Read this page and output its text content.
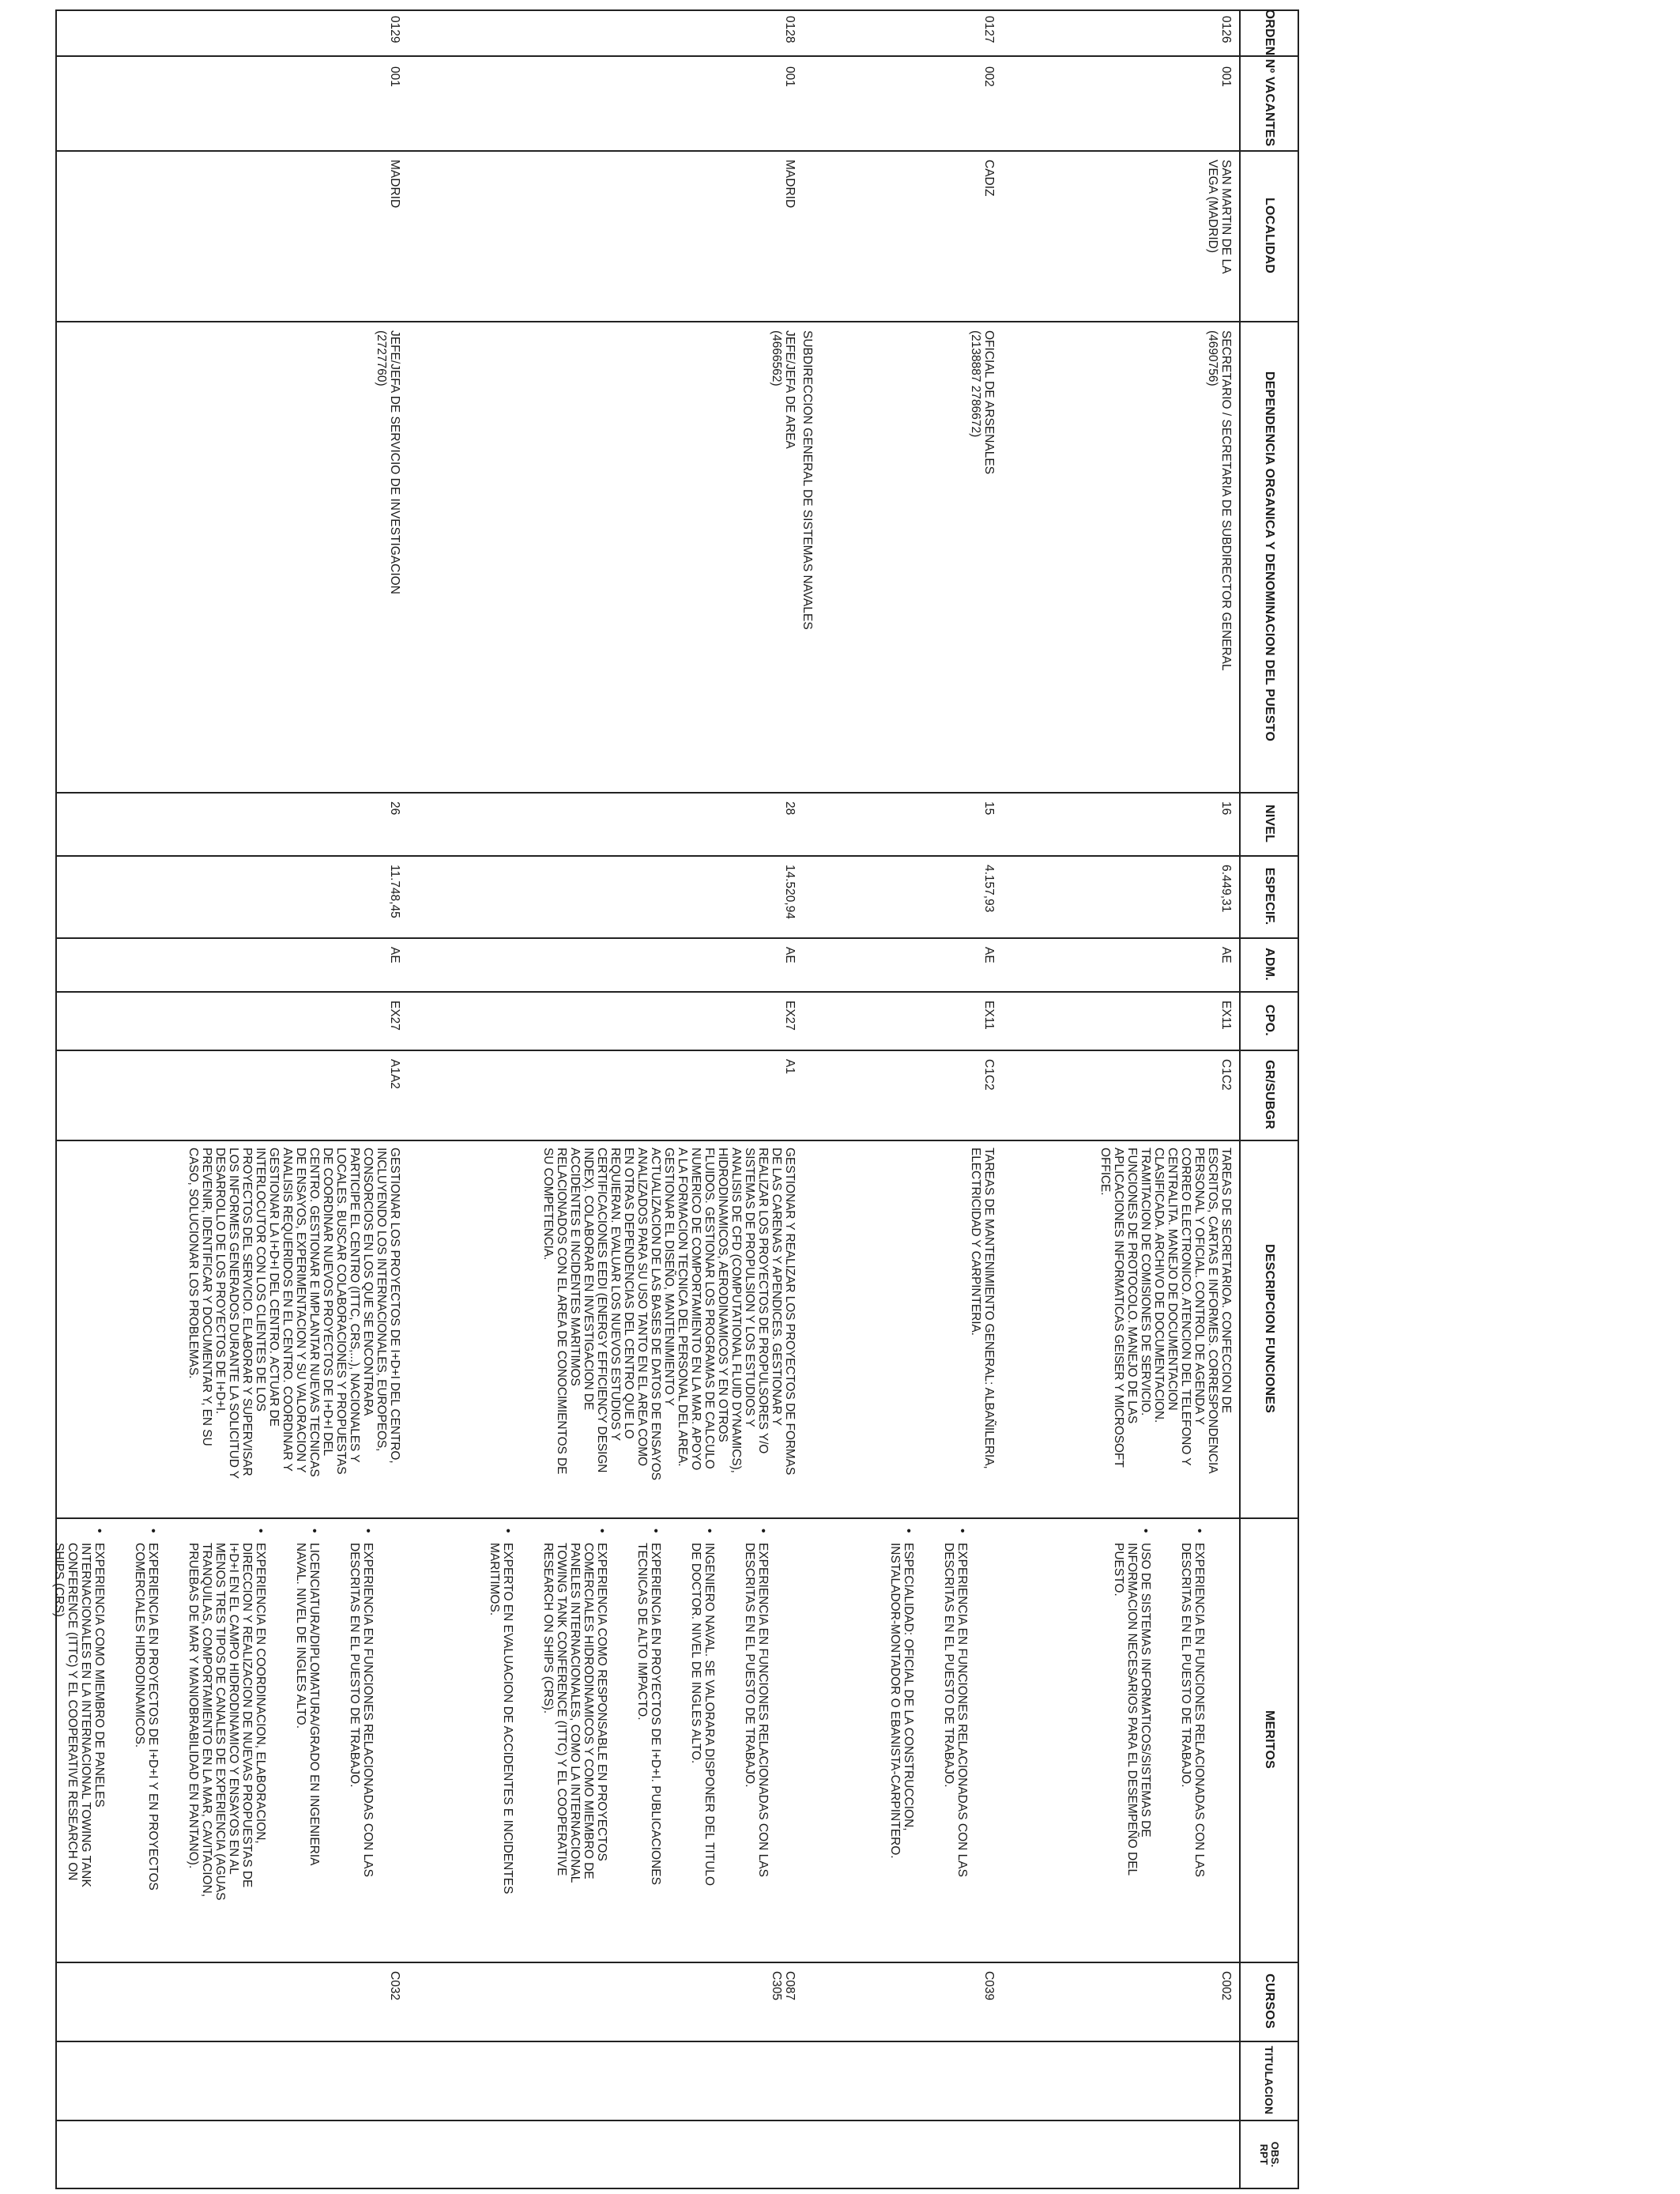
ORDEN
Nº VACANTES
LOCALIDAD
DEPENDENCIA ORGANICA Y DENOMINACION DEL PUESTO
NIVEL
ESPECIF.
ADM.
CPO.
GR/SUBGR
DESCRIPCION FUNCIONES
MERITOS
CURSOS
TITULACION
OBS.
RPT
0126
001
SAN MARTIN DE LA
VEGA (MADRID)
SECRETARIO / SECRETARIA DE SUBDIRECTOR GENERAL
(4690756)
16
6.449,31
AE
EX11
C1C2
TAREAS DE SECRETARIOA. CONFECCION DE
ESCRITOS, CARTAS E INFORMES. CORRESPONDENCIA
PERSONAL Y OFICIAL. CONTROL DE AGENDA Y
CORREO ELECTRONICO. ATENCION DEL TELEFONO Y
CENTRALITA. MANEJO DE DOCUMENTACION
CLASIFICADA. ARCHIVO DE DOCUMENTACION.
TRAMITACION DE COMISIONES DE SERVICIO.
FUNCIONES DE PROTOCOLO. MANEJO DE LAS
APLICACIONES INFORMATICAS GEISER Y MICROSOFT
OFFICE.

• EXPERIENCIA EN FUNCIONES RELACIONADAS CON LAS
DESCRITAS EN EL PUESTO DE TRABAJO.

• USO DE SISTEMAS INFORMATICOS/SISTEMAS DE
INFORMACION NECESARIOS PARA EL DESEMPEÑO DEL
PUESTO.

C002
0127
002
CADIZ
OFICIAL DE ARSENALES
(2138887 2786672)
15
4.157,93
AE
EX11
C1C2
TAREAS DE MANTENIMIENTO GENERAL: ALBAÑILERIA,
ELECTRICIDAD Y CARPINTERIA.

• EXPERIENCIA EN FUNCIONES RELACIONADAS CON LAS
DESCRITAS EN EL PUESTO DE TRABAJO.

• ESPECIALIDAD: OFICIAL DE LA CONSTRUCCION,
INSTALADOR-MONTADOR O EBANISTA-CARPINTERO.

C039
SUBDIRECCION GENERAL DE SISTEMAS NAVALES
0128
001
MADRID
JEFE/JEFA DE AREA
(4666562)
28
14.520,94
AE
EX27
A1
GESTIONAR Y REALIZAR LOS PROYECTOS DE FORMAS
DE LAS CARENAS Y APENDICES. GESTIONAR Y
REALIZAR LOS PROYECTOS DE PROPULSORES Y/O
SISTEMAS DE PROPULSION Y LOS ESTUDIOS Y
ANALISIS DE CFD (COMPUTATIONAL FLUID DYNAMICS),
HIDRODINAMICOS, AERODINAMICOS Y EN OTROS
FLUIDOS. GESTIONAR LOS PROGRAMAS DE CALCULO
NUMERICO DE COMPORTAMIENTO EN LA MAR. APOYO
A LA FORMACION TECNICA DEL PERSONAL DEL AREA.
GESTIONAR EL DISEÑO, MANTENIMIENTO Y
ACTUALIZACION DE LAS BASES DE DATOS DE ENSAYOS
ANALIZADOS PARA SU USO TANTO EN EL AREA COMO
EN OTRAS DEPENDENCIAS DEL CENTRO QUE LO
REQUIERAN. EVALUAR LOS NUEVOS ESTUDIOS Y
CERTIFICACIONES EEDI (ENERGY EFFICIENCY DESIGN
INDEX). COLABORAR EN INVESTIGACION DE
ACCIDENTES E INCIDENTES MARITIMOS
RELACIONADOS CON EL AREA DE CONOCIMIENTOS DE
SU COMPETENCIA.

• EXPERIENCIA EN FUNCIONES RELACIONADAS CON LAS
DESCRITAS EN EL PUESTO DE TRABAJO.

• INGENIERO NAVAL. SE VALORARA DISPONER DEL TITULO
DE DOCTOR. NIVEL DE INGLES ALTO.

• EXPERIENCIA EN PROYECTOS DE I+D+I. PUBLICACIONES
TECNICAS DE ALTO IMPACTO.

• EXPERIENCIA COMO RESPONSABLE EN PROYECTOS
COMERCIALES HIDRODINAMICOS Y COMO MIEMBRO DE
PANELES INTERNACIONALES, COMO LA INTERNACIONAL
TOWING TANK CONFERENCE (ITTC) Y EL COOPERATIVE
RESEARCH ON SHIPS (CRS).

• EXPERTO EN EVALUACION DE ACCIDENTES E INCIDENTES
MARITIMOS.

C087
C305
0129
001
MADRID
JEFE/JEFA DE SERVICIO DE INVESTIGACION
(2727760)
26
11.748,45
AE
EX27
A1A2
GESTIONAR LOS PROYECTOS DE I+D+I DEL CENTRO,
INCLUYENDO LOS INTERNACIONALES, EUROPEOS,
CONSORCIOS EN LOS QUE SE ENCONTRARA
PARTICIPE EL CENTRO (ITTC, CRS,...), NACIONALES Y
LOCALES. BUSCAR COLABORACIONES Y PROPUESTAS
DE COORDINAR NUEVOS PROYECTOS DE I+D+I DEL
CENTRO. GESTIONAR E IMPLANTAR NUEVAS TECNICAS
DE ENSAYOS, EXPERIMENTACION Y SU VALORACION Y
ANALISIS REQUERIDOS EN EL CENTRO. COORDINAR Y
GESTIONAR LA I+D+I DEL CENTRO. ACTUAR DE
INTERLOCUTOR CON LOS CLIENTES DE LOS
PROYECTOS DEL SERVICIO. ELABORAR Y SUPERVISAR
LOS INFORMES GENERADOS DURANTE LA SOLICITUD Y
DESARROLLO DE LOS PROYECTOS DE I+D+I.
PREVENIR, IDENTIFICAR Y DOCUMENTAR Y, EN SU
CASO, SOLUCIONAR LOS PROBLEMAS.

• EXPERIENCIA EN FUNCIONES RELACIONADAS CON LAS
DESCRITAS EN EL PUESTO DE TRABAJO.

• LICENCIATURA/DIPLOMATURA/GRADO EN INGENIERIA
NAVAL. NIVEL DE INGLES ALTO.

• EXPERIENCIA EN COORDINACION, ELABORACION,
DIRECCION Y REALIZACION DE NUEVAS PROPUESTAS DE
I+D+I EN EL CAMPO HIDRODINAMICO Y ENSAYOS EN AL
MENOS TRES TIPOS DE CANALES DE EXPERIENCIA (AGUAS
TRANQUILAS, COMPORTAMIENTO EN LA MAR, CAVITACION,
PRUEBAS DE MAR Y MANIOBRABILIDAD EN PANTANO).

• EXPERIENCIA EN PROYECTOS DE I+D+I Y EN PROYECTOS
COMERCIALES HIDRODINAMICOS.

• EXPERIENCIA COMO MIEMBRO DE PANELES
INTERNACIONALES EN LA INTERNACIONAL TOWING TANK
CONFERENCE (ITTC) Y EL COOPERATIVE RESEARCH ON
SHIPS (CRS).

C032
